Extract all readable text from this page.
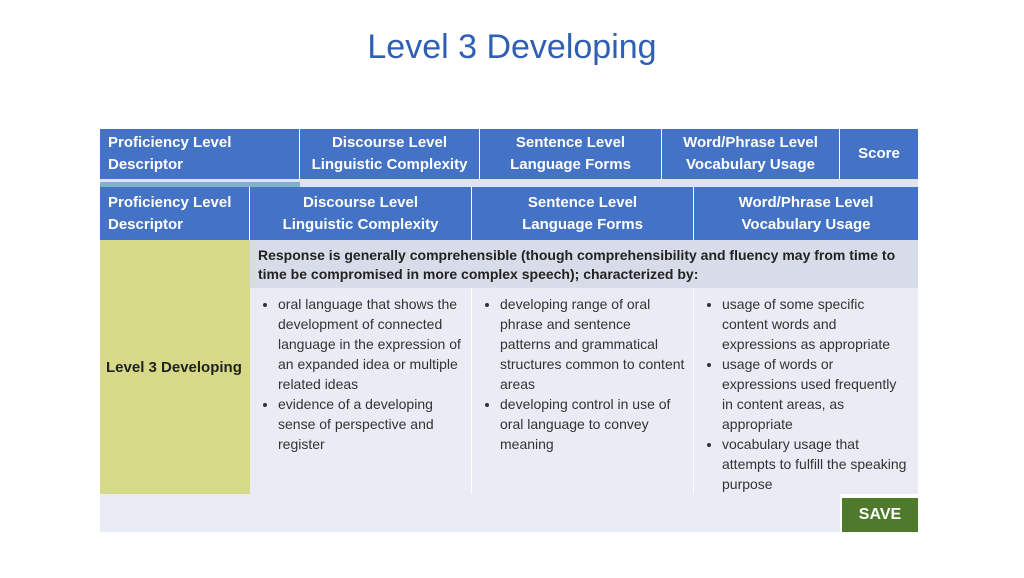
Level 3 Developing
Proficiency Level
Descriptor
Discourse Level
Linguistic Complexity
Sentence Level
Language Forms
Word/Phrase Level
Vocabulary Usage
Score
Proficiency Level
Descriptor
Discourse Level
Linguistic Complexity
Sentence Level
Language Forms
Word/Phrase Level
Vocabulary Usage
Level 3 Developing
Response is generally comprehensible (though comprehensibility and fluency may from time to time be compromised in more complex speech); characterized by:
• oral language that shows the development of connected language in the expression of an expanded idea or multiple related ideas
• evidence of a developing sense of perspective and register
• developing range of oral phrase and sentence patterns and grammatical structures common to content areas
• developing control in use of oral language to convey meaning
• usage of some specific content words and expressions as appropriate
• usage of words or expressions used frequently in content areas, as appropriate
• vocabulary usage that attempts to fulfill the speaking purpose
SAVE
